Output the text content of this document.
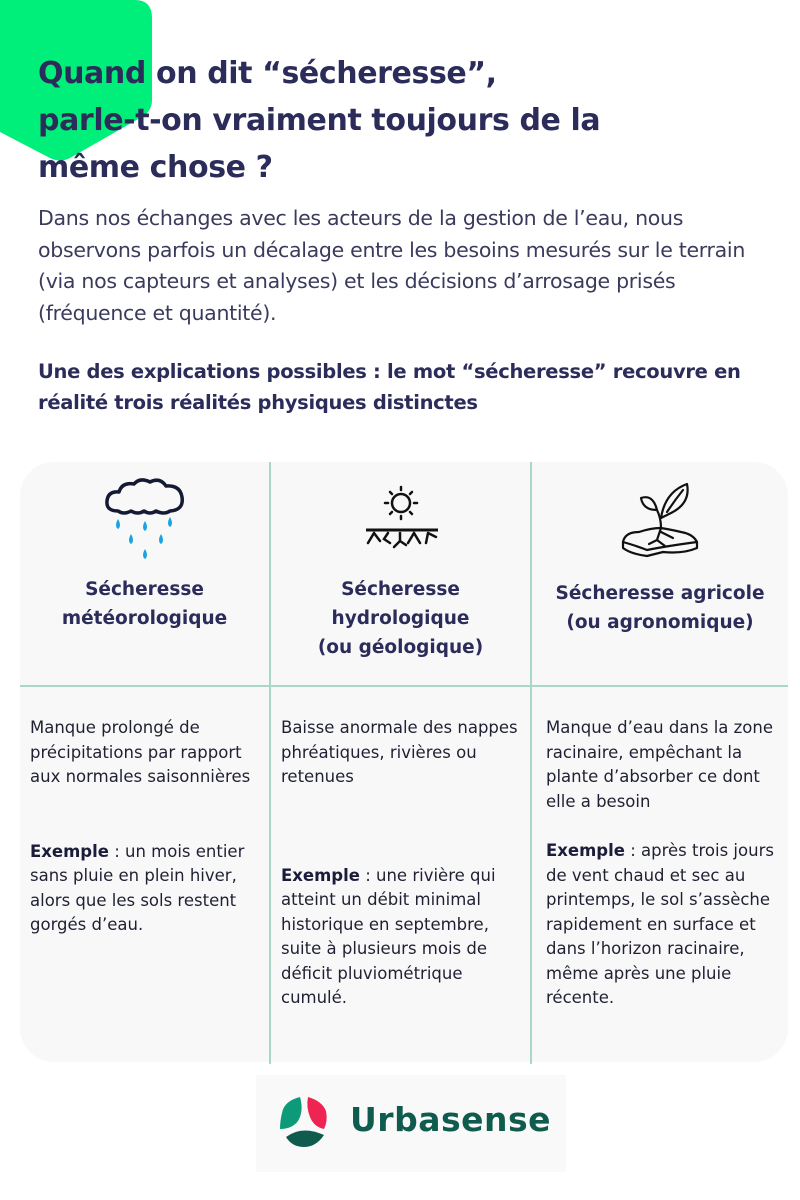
Quand on dit “sécheresse”,
parle-t-on vraiment toujours de la
même chose ?

Dans nos échanges avec les acteurs de la gestion de l’eau, nous observons parfois un décalage entre les besoins mesurés sur le terrain (via nos capteurs et analyses) et les décisions d’arrosage prisés (fréquence et quantité).

Une des explications possibles : le mot “sécheresse” recouvre en réalité trois réalités physiques distinctes

Sécheresse
météorologique

Manque prolongé de précipitations par rapport aux normales saisonnières

Exemple : un mois entier sans pluie en plein hiver, alors que les sols restent gorgés d’eau.

Sécheresse
hydrologique
(ou géologique)

Baisse anormale des nappes phréatiques, rivières ou retenues

Exemple : une rivière qui atteint un débit minimal historique en septembre, suite à plusieurs mois de déficit pluviométrique cumulé.

Sécheresse agricole
(ou agronomique)

Manque d’eau dans la zone racinaire, empêchant la plante d’absorber ce dont elle a besoin

Exemple : après trois jours de vent chaud et sec au printemps, le sol s’assèche rapidement en surface et dans l’horizon racinaire, même après une pluie récente.

Urbasense
